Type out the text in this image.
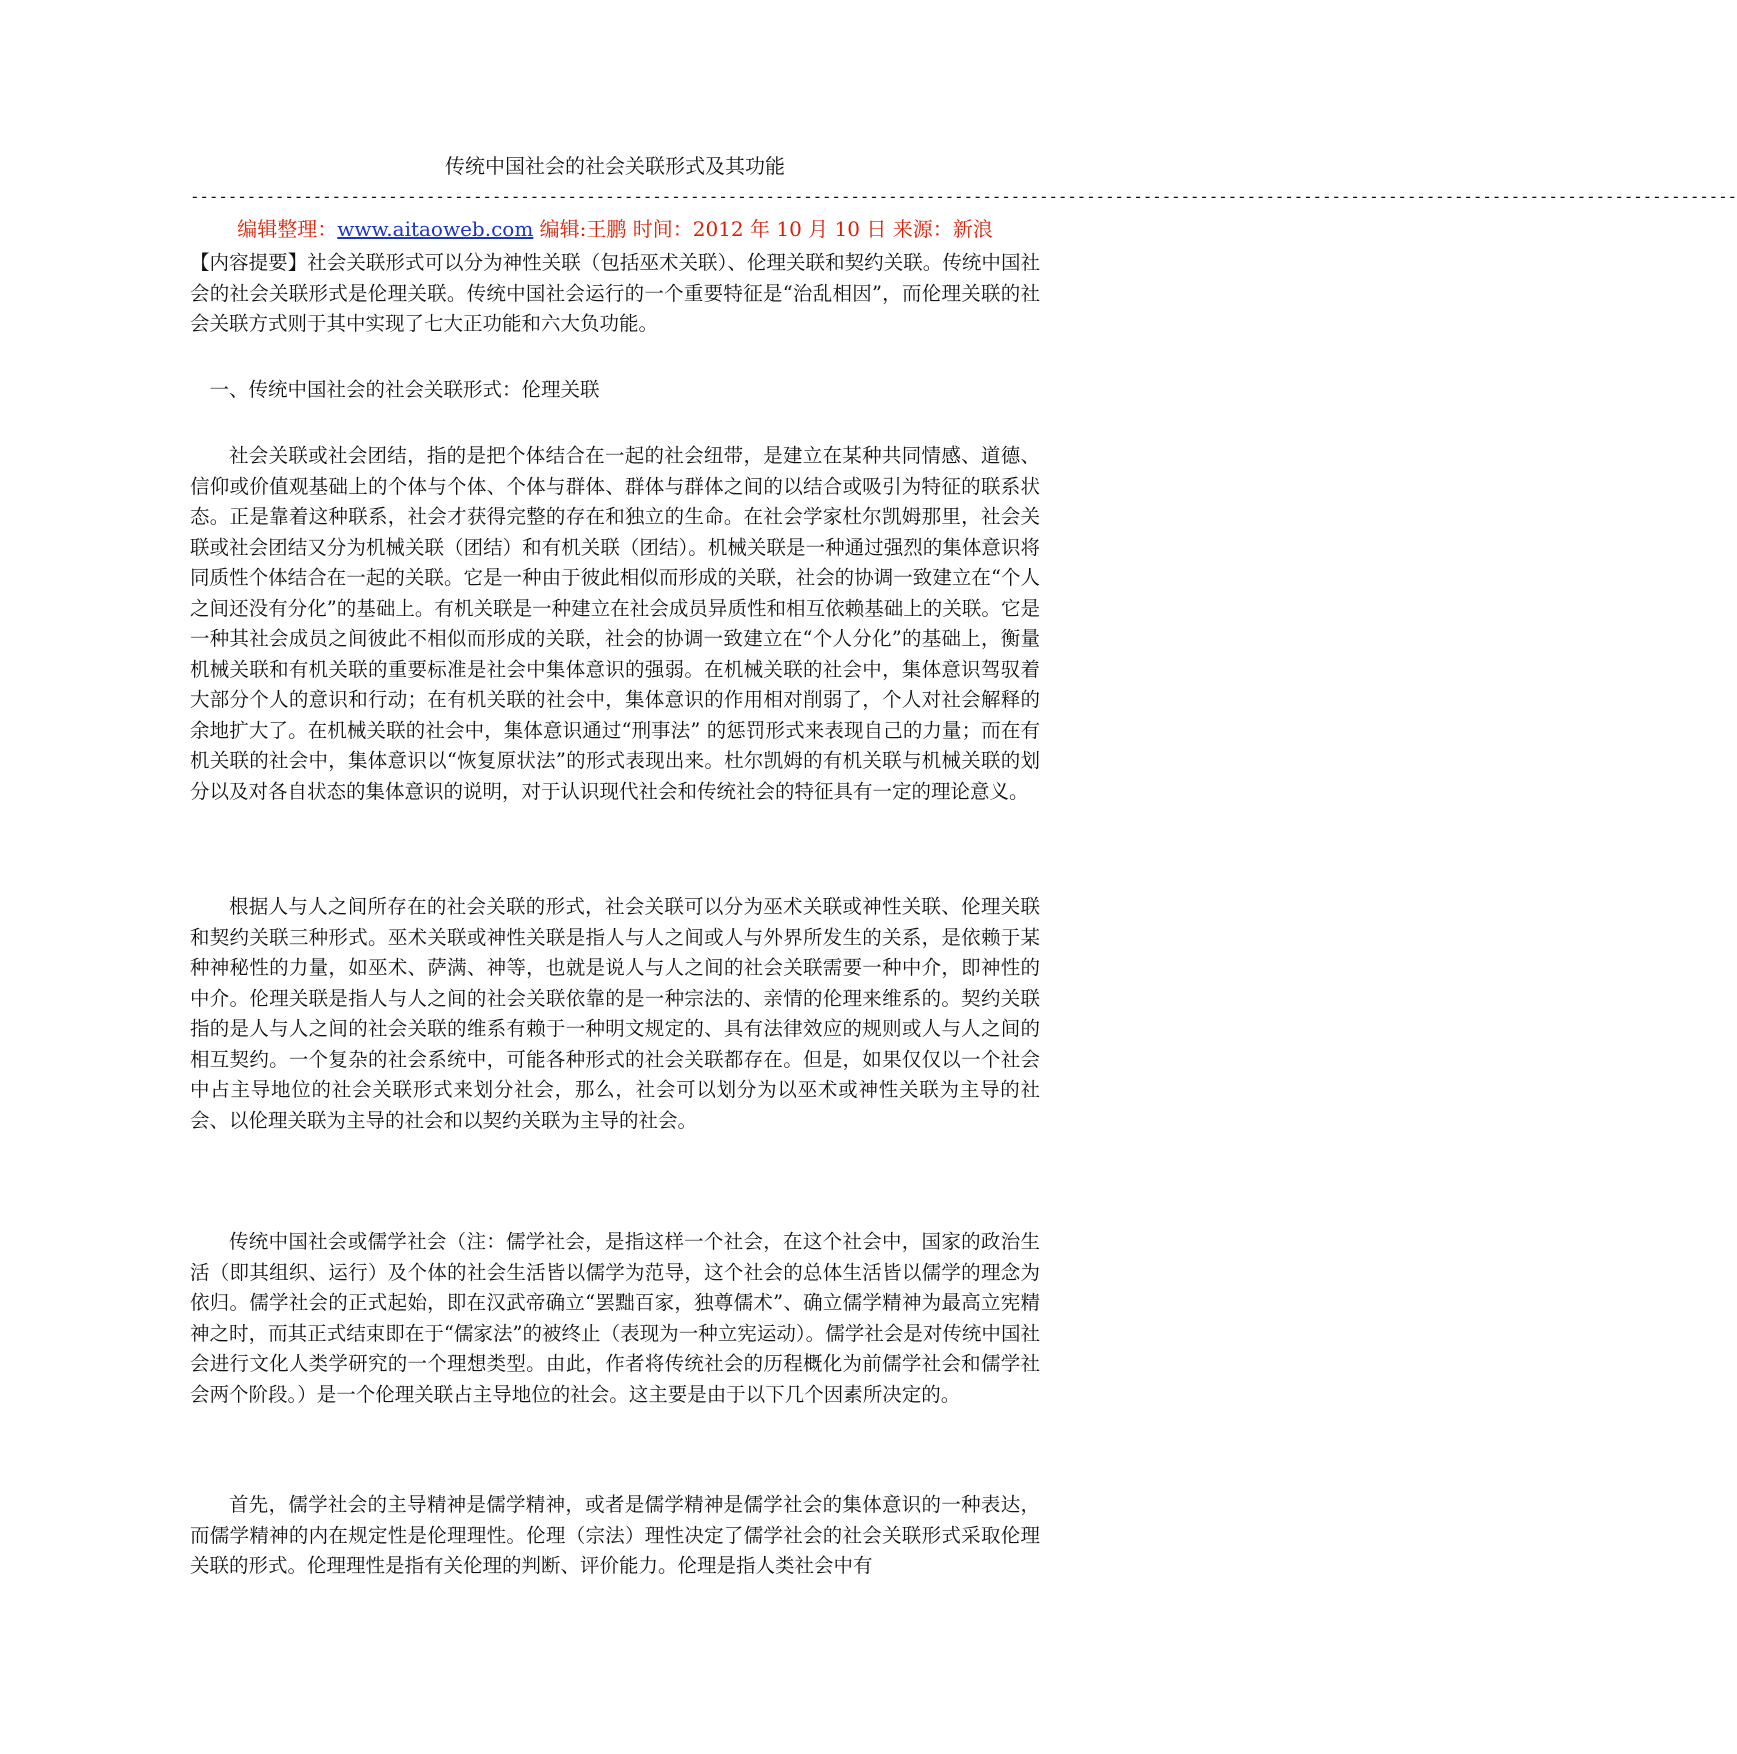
传统中国社会的社会关联形式及其功能
--------------------------------------------------------------------------------------------------------------------------------------------------------------------
编辑整理：www.aitaoweb.com 编辑:王鹏 时间：2012 年 10 月 10 日 来源：新浪
【内容提要】社会关联形式可以分为神性关联（包括巫术关联）、伦理关联和契约关联。传统中国社会的社会关联形式是伦理关联。传统中国社会运行的一个重要特征是“治乱相因”，而伦理关联的社会关联方式则于其中实现了七大正功能和六大负功能。
一、传统中国社会的社会关联形式：伦理关联
社会关联或社会团结，指的是把个体结合在一起的社会纽带，是建立在某种共同情感、道德、信仰或价值观基础上的个体与个体、个体与群体、群体与群体之间的以结合或吸引为特征的联系状态。正是靠着这种联系，社会才获得完整的存在和独立的生命。在社会学家杜尔凯姆那里，社会关联或社会团结又分为机械关联（团结）和有机关联（团结）。机械关联是一种通过强烈的集体意识将同质性个体结合在一起的关联。它是一种由于彼此相似而形成的关联，社会的协调一致建立在“个人之间还没有分化”的基础上。有机关联是一种建立在社会成员异质性和相互依赖基础上的关联。它是一种其社会成员之间彼此不相似而形成的关联，社会的协调一致建立在“个人分化”的基础上，衡量机械关联和有机关联的重要标准是社会中集体意识的强弱。在机械关联的社会中，集体意识驾驭着大部分个人的意识和行动；在有机关联的社会中，集体意识的作用相对削弱了，个人对社会解释的余地扩大了。在机械关联的社会中，集体意识通过“刑事法” 的惩罚形式来表现自己的力量；而在有机关联的社会中，集体意识以“恢复原状法”的形式表现出来。杜尔凯姆的有机关联与机械关联的划分以及对各自状态的集体意识的说明，对于认识现代社会和传统社会的特征具有一定的理论意义。
根据人与人之间所存在的社会关联的形式，社会关联可以分为巫术关联或神性关联、伦理关联和契约关联三种形式。巫术关联或神性关联是指人与人之间或人与外界所发生的关系，是依赖于某种神秘性的力量，如巫术、萨满、神等，也就是说人与人之间的社会关联需要一种中介，即神性的中介。伦理关联是指人与人之间的社会关联依靠的是一种宗法的、亲情的伦理来维系的。契约关联指的是人与人之间的社会关联的维系有赖于一种明文规定的、具有法律效应的规则或人与人之间的相互契约。一个复杂的社会系统中，可能各种形式的社会关联都存在。但是，如果仅仅以一个社会中占主导地位的社会关联形式来划分社会，那么，社会可以划分为以巫术或神性关联为主导的社会、以伦理关联为主导的社会和以契约关联为主导的社会。
传统中国社会或儒学社会（注：儒学社会，是指这样一个社会，在这个社会中，国家的政治生活（即其组织、运行）及个体的社会生活皆以儒学为范导，这个社会的总体生活皆以儒学的理念为依归。儒学社会的正式起始，即在汉武帝确立“罢黜百家，独尊儒术”、确立儒学精神为最高立宪精神之时，而其正式结束即在于“儒家法”的被终止（表现为一种立宪运动）。儒学社会是对传统中国社会进行文化人类学研究的一个理想类型。由此，作者将传统社会的历程概化为前儒学社会和儒学社会两个阶段。）是一个伦理关联占主导地位的社会。这主要是由于以下几个因素所决定的。
首先，儒学社会的主导精神是儒学精神，或者是儒学精神是儒学社会的集体意识的一种表达，而儒学精神的内在规定性是伦理理性。伦理（宗法）理性决定了儒学社会的社会关联形式采取伦理关联的形式。伦理理性是指有关伦理的判断、评价能力。伦理是指人类社会中有
